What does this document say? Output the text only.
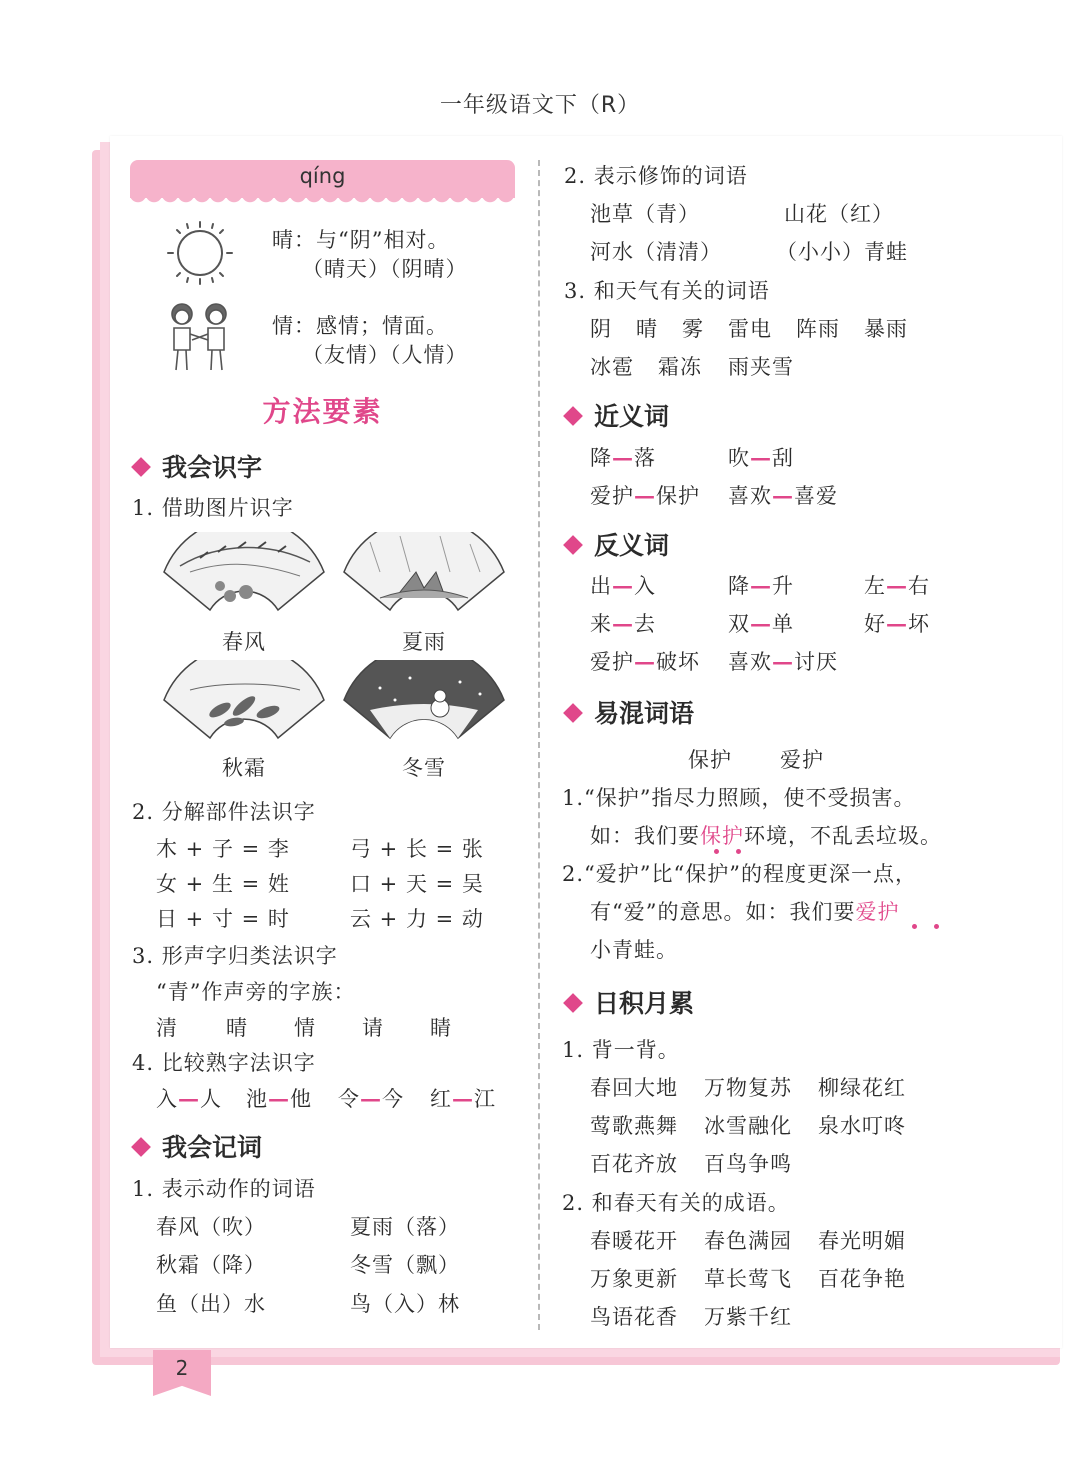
一年级语文下（R）
qíng
晴：与“阴”相对。
（晴天）（阴晴）
情：感情；情面。
（友情）（人情）
方法要素
我会识字
1. 借助图片识字
春风	夏雨
秋霜	冬雪
2. 分解部件法识字
木 + 子 = 李	弓 + 长 = 张
女 + 生 = 姓	口 + 天 = 吴
日 + 寸 = 时	云 + 力 = 动
3. 形声字归类法识字
“青”作声旁的字族：
清 晴 情 请 睛
4. 比较熟字法识字
入—人 池—他 令—今 红—江
我会记词
1. 表示动作的词语
春风（吹）	夏雨（落）
秋霜（降）	冬雪（飘）
鱼（出）水	鸟（入）林
2. 表示修饰的词语
池草（青）	山花（红）
河水（清清）	（小小）青蛙
3. 和天气有关的词语
阴 晴 雾 雷电 阵雨 暴雨
冰雹 霜冻 雨夹雪
近义词
降—落	吹—刮
爱护—保护 喜欢—喜爱
反义词
出—入	降—升	左—右
来—去	双—单	好—坏
爱护—破坏 喜欢—讨厌
易混词语
保护 爱护
1.“保护”指尽力照顾，使不受损害。
如：我们要保护环境，不乱丢垃圾。
2.“爱护”比“保护”的程度更深一点，
有“爱”的意思。如：我们要爱护
小青蛙。
日积月累
1. 背一背。
春回大地 万物复苏 柳绿花红
莺歌燕舞 冰雪融化 泉水叮咚
百花齐放 百鸟争鸣
2. 和春天有关的成语。
春暖花开 春色满园 春光明媚
万象更新 草长莺飞 百花争艳
鸟语花香 万紫千红
2
